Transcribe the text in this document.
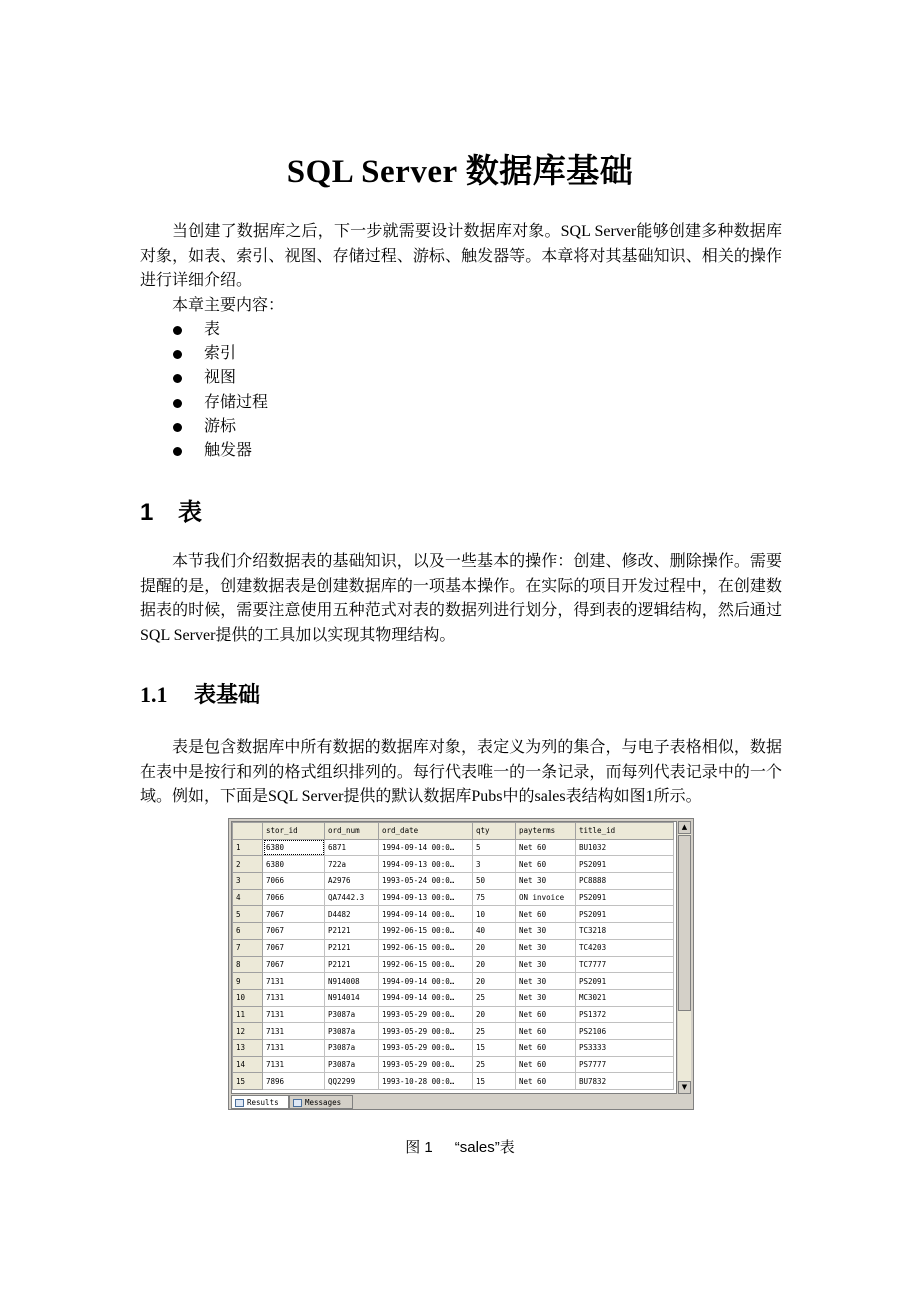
SQL Server 数据库基础

当创建了数据库之后，下一步就需要设计数据库对象。SQL Server能够创建多种数据库对象，如表、索引、视图、存储过程、游标、触发器等。本章将对其基础知识、相关的操作进行详细介绍。

本章主要内容：
表
索引
视图
存储过程
游标
触发器
1 表

本节我们介绍数据表的基础知识，以及一些基本的操作：创建、修改、删除操作。需要提醒的是，创建数据表是创建数据库的一项基本操作。在实际的项目开发过程中，在创建数据表的时候，需要注意使用五种范式对表的数据列进行划分，得到表的逻辑结构，然后通过SQL Server提供的工具加以实现其物理结构。

1.1 表基础

表是包含数据库中所有数据的数据库对象，表定义为列的集合，与电子表格相似，数据在表中是按行和列的格式组织排列的。每行代表唯一的一条记录，而每列代表记录中的一个域。例如，下面是SQL Server提供的默认数据库Pubs中的sales表结构如图1所示。

	stor_id	ord_num	ord_date	qty	payterms	title_id
1	6380	6871	1994-09-14 00:0…	5	Net 60	BU1032
2	6380	722a	1994-09-13 00:0…	3	Net 60	PS2091
3	7066	A2976	1993-05-24 00:0…	50	Net 30	PC8888
4	7066	QA7442.3	1994-09-13 00:0…	75	ON invoice	PS2091
5	7067	D4482	1994-09-14 00:0…	10	Net 60	PS2091
6	7067	P2121	1992-06-15 00:0…	40	Net 30	TC3218
7	7067	P2121	1992-06-15 00:0…	20	Net 30	TC4203
8	7067	P2121	1992-06-15 00:0…	20	Net 30	TC7777
9	7131	N914008	1994-09-14 00:0…	20	Net 30	PS2091
10	7131	N914014	1994-09-14 00:0…	25	Net 30	MC3021
11	7131	P3087a	1993-05-29 00:0…	20	Net 60	PS1372
12	7131	P3087a	1993-05-29 00:0…	25	Net 60	PS2106
13	7131	P3087a	1993-05-29 00:0…	15	Net 60	PS3333
14	7131	P3087a	1993-05-29 00:0…	25	Net 60	PS7777
15	7896	QQ2299	1993-10-28 00:0…	15	Net 60	BU7832
▲
▼
Results	Messages
图 1 “sales”表
